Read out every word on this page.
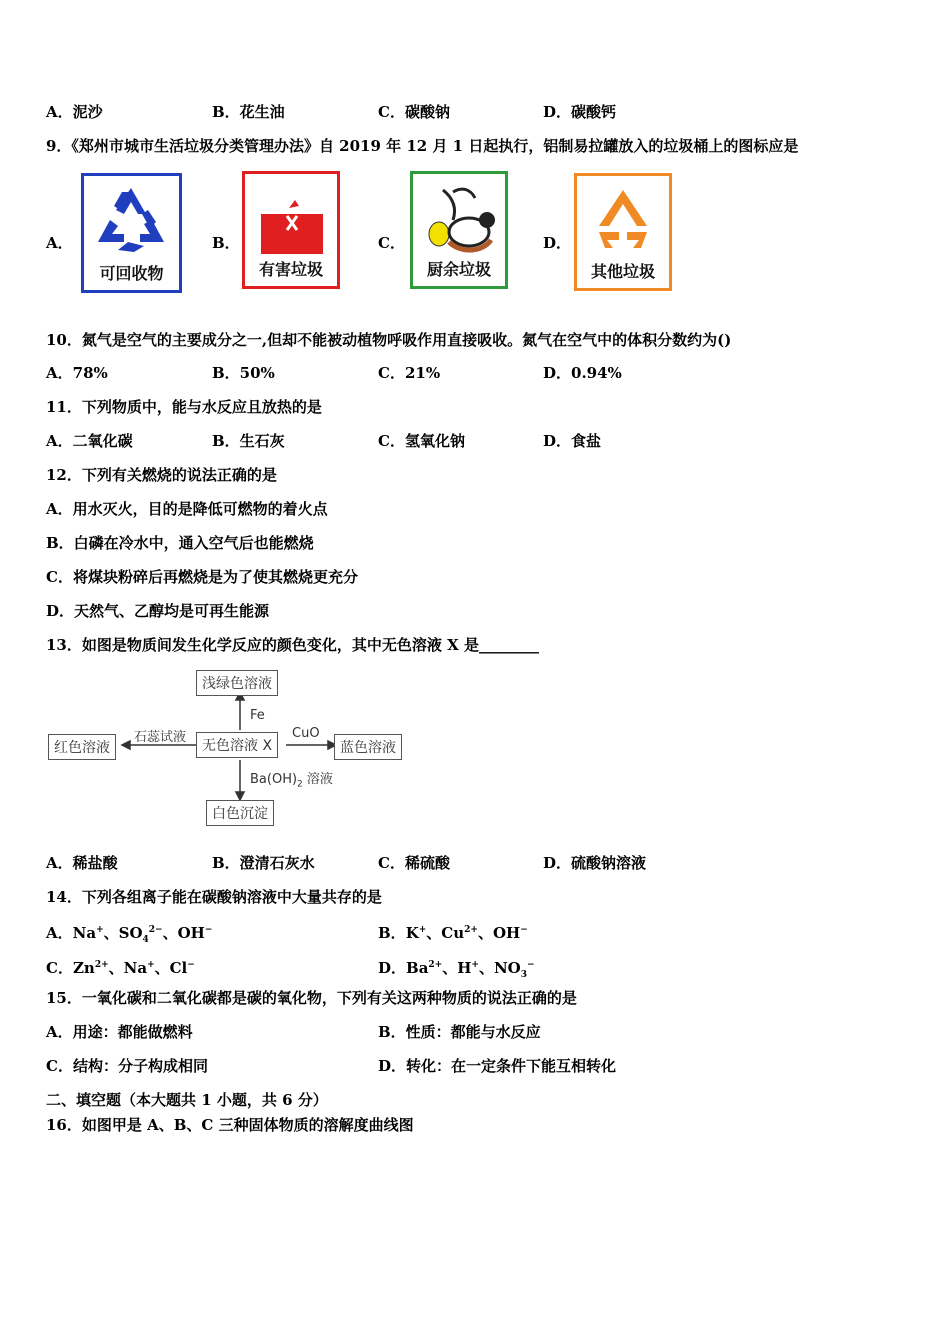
A．泥沙	B．花生油	C．碳酸钠	D．碳酸钙
9．《郑州市城市生活垃圾分类管理办法》自 2019 年 12 月 1 日起执行，铝制易拉罐放入的垃圾桶上的图标应是
A．
可回收物
B．
有害垃圾
C．
厨余垃圾
D．
其他垃圾
10．氮气是空气的主要成分之一,但却不能被动植物呼吸作用直接吸收。氮气在空气中的体积分数约为()
A．78%	B．50%	C．21%	D．0.94%
11．下列物质中，能与水反应且放热的是
A．二氧化碳	B．生石灰	C．氢氧化钠	D．食盐
12．下列有关燃烧的说法正确的是
A．用水灭火，目的是降低可燃物的着火点
B．白磷在冷水中，通入空气后也能燃烧
C．将煤块粉碎后再燃烧是为了使其燃烧更充分
D．天然气、乙醇均是可再生能源
13．如图是物质间发生化学反应的颜色变化，其中无色溶液 X 是________
浅绿色溶液
无色溶液 X
红色溶液	蓝色溶液
白色沉淀
Fe
石蕊试液	CuO
$Ba(OH)_2$ 溶液
A．稀盐酸	B．澄清石灰水	C．稀硫酸	D．硫酸钠溶液
14．下列各组离子能在碳酸钠溶液中大量共存的是
A．Na+、$SO_4^{2-}$、OH−	B．K+、$Cu^{2+}$、OH−
C．$Zn^{2+}$、Na+、Cl−	D．$Ba^{2+}$、H+、$NO_3^-$
15．一氧化碳和二氧化碳都是碳的氧化物，下列有关这两种物质的说法正确的是
A．用途：都能做燃料	B．性质：都能与水反应
C．结构：分子构成相同	D．转化：在一定条件下能互相转化
二、填空题（本大题共 1 小题，共 6 分）
16．如图甲是 A、B、C 三种固体物质的溶解度曲线图
